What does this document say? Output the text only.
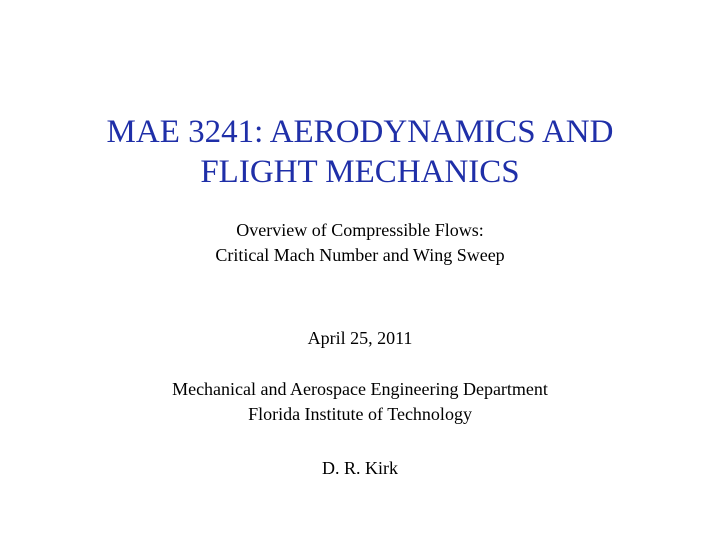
MAE 3241: AERODYNAMICS AND
FLIGHT MECHANICS
Overview of Compressible Flows:
Critical Mach Number and Wing Sweep
April 25, 2011
Mechanical and Aerospace Engineering Department
Florida Institute of Technology
D. R. Kirk
